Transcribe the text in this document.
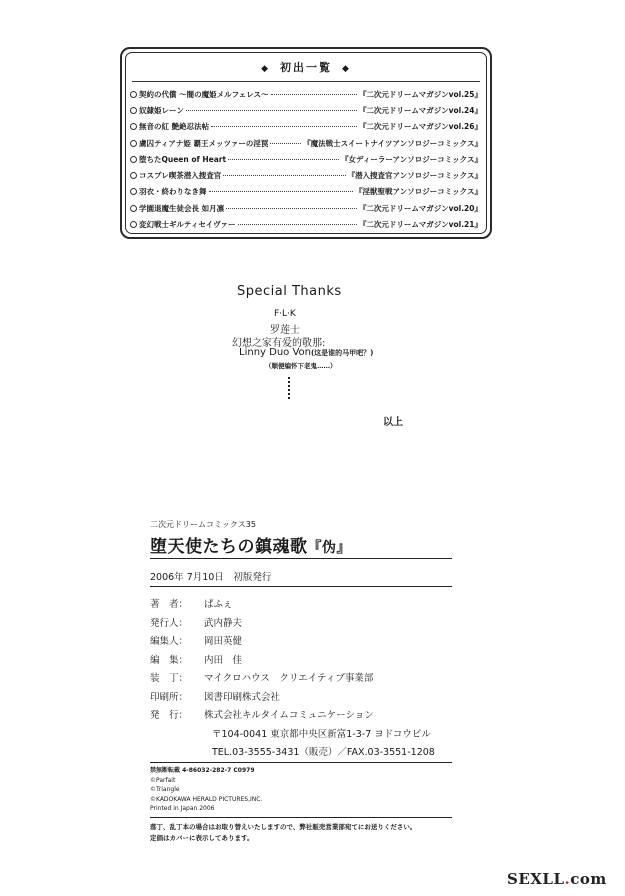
◆ 初出一覧 ◆
契約の代償 〜闇の魔姫メルフェレス〜	『二次元ドリームマガジンvol.25』
奴隷姫レーン	『二次元ドリームマガジンvol.24』
無音の紅 艶絶忍法帖	『二次元ドリームマガジンvol.26』
虜囚ティアナ姫 覇王メッツァーの淫罠	『魔法戦士スイートナイツアンソロジーコミックス』
堕ちたQueen of Heart	『女ディーラーアンソロジーコミックス』
コスプレ喫茶潜入捜査官	『潜入捜査官アンソロジーコミックス』
羽衣・終わりなき舞	『淫獣聖戦アンソロジーコミックス』
学園退魔生徒会長 如月凛	『二次元ドリームマガジンvol.20』
変幻戦士ギルティセイヴァー	『二次元ドリームマガジンvol.21』
Special Thanks
F·L·K
罗莲士
幻想之家有爱的敬那:
Linny Duo Von(这是谁的马甲吧？)
（顺便编怀下老鬼……）
以上
二次元ドリームコミックス35
堕天使たちの鎮魂歌『伪』
2006年 7月10日　初版発行
著　者：	ぱふぇ
発行人：	武内静夫
編集人：	岡田英健
編　集：	内田　佳
装　丁：	マイクロハウス　クリエイティブ事業部
印刷所：	図書印刷株式会社
発　行：	株式会社キルタイムコミュニケーション
〒104-0041 東京都中央区新富1-3-7 ヨドコウビル
TEL.03-3555-3431（販売）／FAX.03-3551-1208
禁無断転載 4-86032-282-7 C0979
©Parfait
©Triangle
©KADOKAWA HERALD PICTURES,INC.
Printed in Japan 2006
落丁、乱丁本の場合はお取り替えいたしますので、弊社販売営業部宛てにお送りください。
定価はカバーに表示してあります。
SEXLL.com
